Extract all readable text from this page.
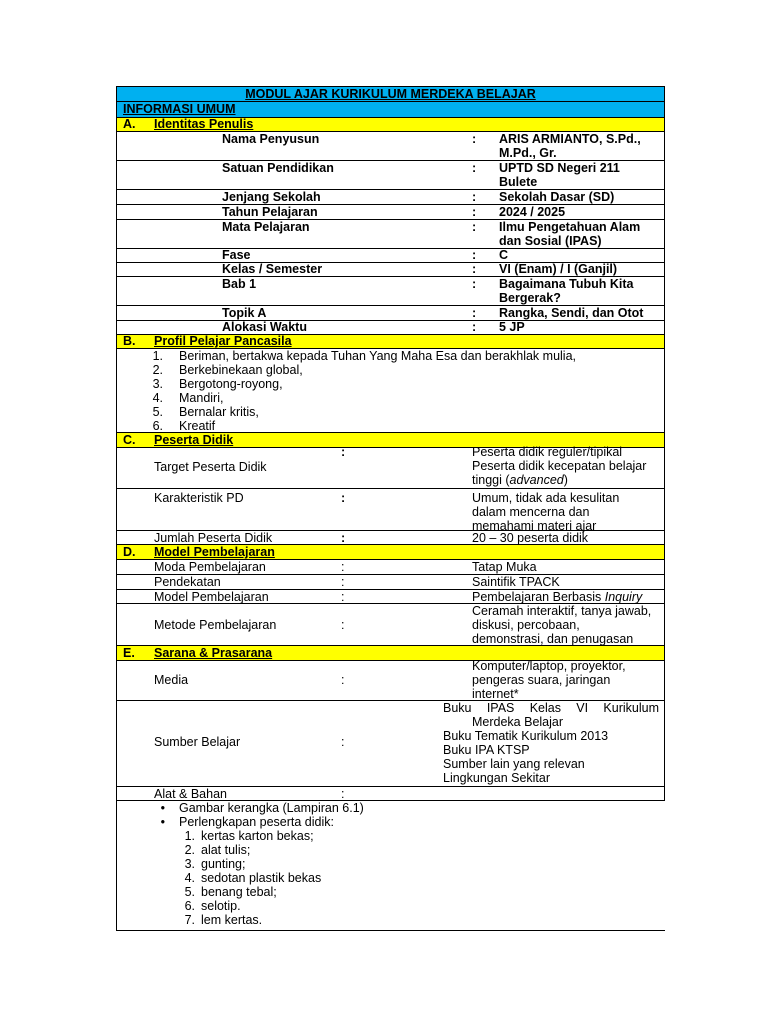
MODUL AJAR KURIKULUM MERDEKA BELAJAR
INFORMASI UMUM
A. Identitas Penulis
Nama Penyusun	: ARIS ARMIANTO, S.Pd.,
M.Pd., Gr.
Satuan Pendidikan	: UPTD SD Negeri 211
Bulete
Jenjang Sekolah	: Sekolah Dasar (SD)
Tahun Pelajaran	: 2024 / 2025
Mata Pelajaran	: Ilmu Pengetahuan Alam
dan Sosial (IPAS)
Fase	: C
Kelas / Semester	: VI (Enam) / I (Ganjil)
Bab 1	: Bagaimana Tubuh Kita
Bergerak?
Topik A	: Rangka, Sendi, dan Otot
Alokasi Waktu	: 5 JP
B. Profil Pelajar Pancasila
1. Beriman, bertakwa kepada Tuhan Yang Maha Esa dan berakhlak mulia,
2. Berkebinekaan global,
3. Bergotong-royong,
4. Mandiri,
5. Bernalar kritis,
6. Kreatif
C. Peserta Didik
Target Peserta Didik
:	Peserta didik reguler/tipikal
Peserta didik kecepatan belajar
tinggi (advanced)
Karakteristik PD	:	Umum, tidak ada kesulitan
dalam mencerna dan
memahami materi ajar
Jumlah Peserta Didik	:	20 – 30 peserta didik
D. Model Pembelajaran
Moda Pembelajaran	:	Tatap Muka
Pendekatan	:	Saintifik TPACK
Model Pembelajaran	:	Pembelajaran Berbasis Inquiry
Metode Pembelajaran	:
Ceramah interaktif, tanya jawab,
diskusi, percobaan,
demonstrasi, dan penugasan
E. Sarana & Prasarana
Media	:
Komputer/laptop, proyektor,
pengeras suara, jaringan
internet*
Sumber Belajar	:
Buku IPAS Kelas VI Kurikulum
Merdeka Belajar
Buku Tematik Kurikulum 2013
Buku IPA KTSP
Sumber lain yang relevan
Lingkungan Sekitar
Alat & Bahan	:
• Gambar kerangka (Lampiran 6.1)
• Perlengkapan peserta didik:
1. kertas karton bekas;
2. alat tulis;
3. gunting;
4. sedotan plastik bekas
5. benang tebal;
6. selotip.
7. lem kertas.
